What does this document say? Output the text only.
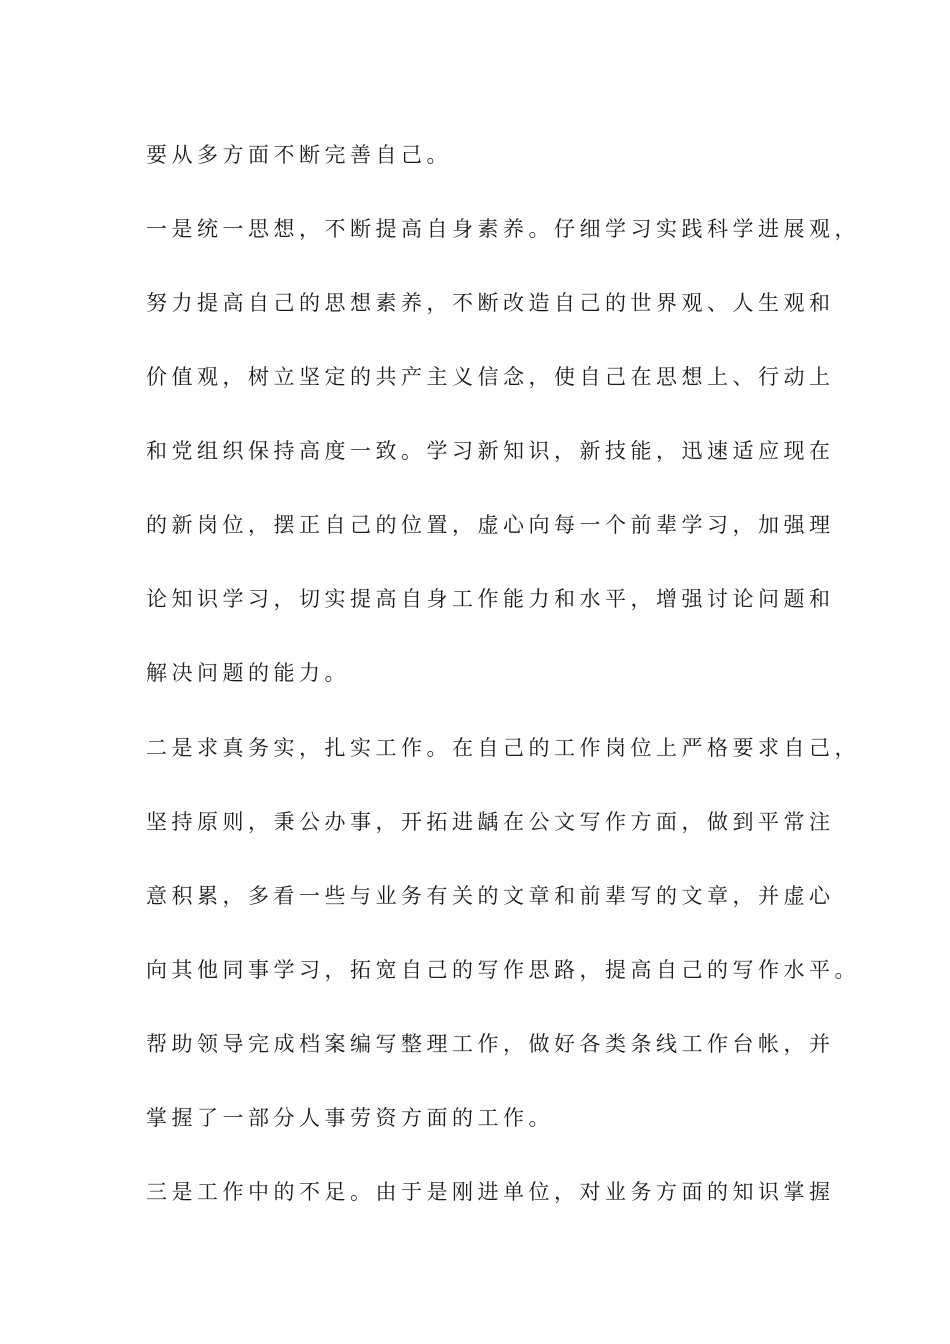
要从多方面不断完善自己。
一是统一思想，不断提高自身素养。仔细学习实践科学进展观，
努力提高自己的思想素养，不断改造自己的世界观、人生观和
价值观，树立坚定的共产主义信念，使自己在思想上、行动上
和党组织保持高度一致。学习新知识，新技能，迅速适应现在
的新岗位，摆正自己的位置，虚心向每一个前辈学习，加强理
论知识学习，切实提高自身工作能力和水平，增强讨论问题和
解决问题的能力。
二是求真务实，扎实工作。在自己的工作岗位上严格要求自己，
坚持原则，秉公办事，开拓进龋在公文写作方面，做到平常注
意积累，多看一些与业务有关的文章和前辈写的文章，并虚心
向其他同事学习，拓宽自己的写作思路，提高自己的写作水平。
帮助领导完成档案编写整理工作，做好各类条线工作台帐，并
掌握了一部分人事劳资方面的工作。
三是工作中的不足。由于是刚进单位，对业务方面的知识掌握
